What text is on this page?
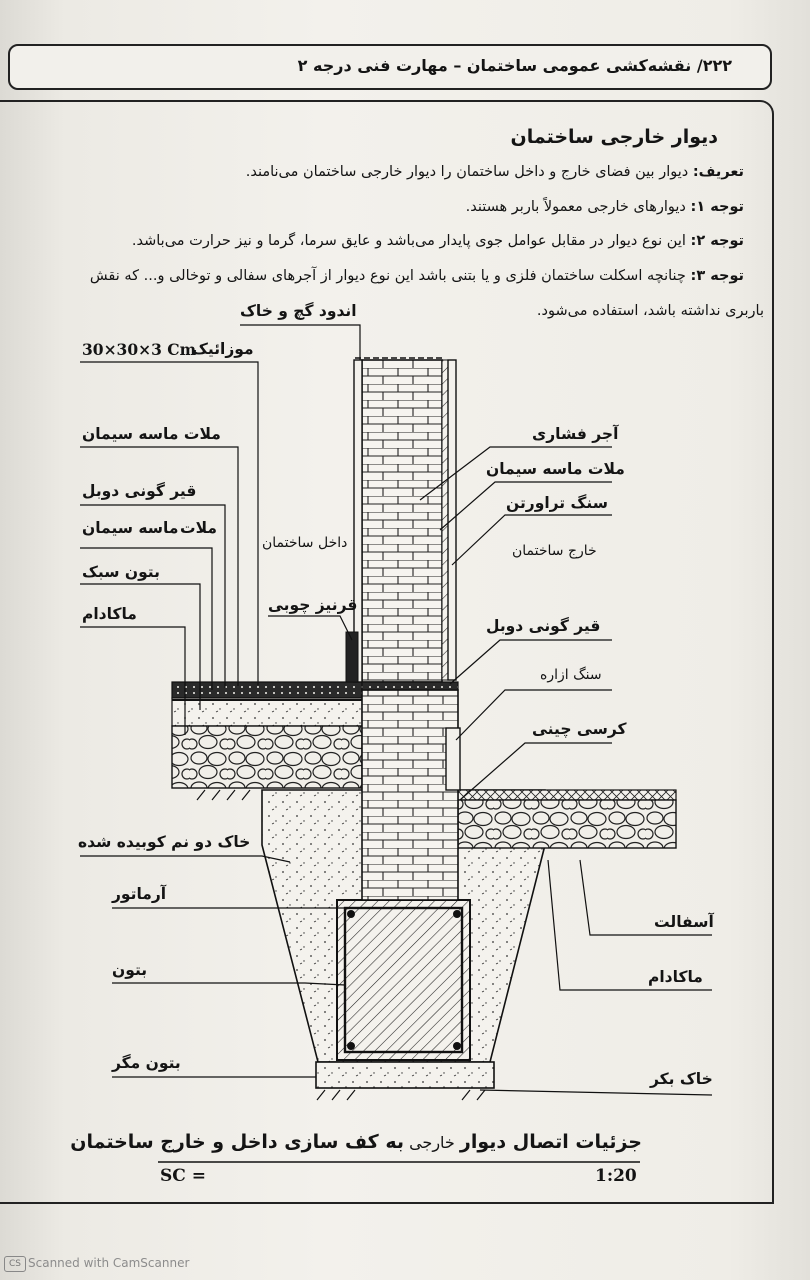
۲۲۲/ نقشه‌کشی عمومی ساختمان – مهارت فنی درجه ۲
دیوار خارجی ساختمان
تعریف: دیوار بین فضای خارج و داخل ساختمان را دیوار خارجی ساختمان می‌نامند.
توجه ۱: دیوارهای خارجی معمولاً باربر هستند.
توجه ۲: این نوع دیوار در مقابل عوامل جوی پایدار می‌باشد و عایق سرما، گرما و نیز حرارت می‌باشد.
توجه ۳: چنانچه اسکلت ساختمان فلزی و یا بتنی باشد این نوع دیوار از آجرهای سفالی و توخالی و... که نقش
باربری نداشته باشد، استفاده می‌شود.
30×30×3 Cm
موزائیک
ملات ماسه سیمان
قیر گونی دوبل
ماسه سیمان ملات
بتون سبک
ماکادام
خاک دو نم کوبیده شده
آرماتور
بتون
بتون مگر
اندود گچ و خاک
داخل ساختمان
قرنیز چوبی
آجر فشاری
ملات ماسه سیمان
سنگ تراورتن
خارج ساختمان
قیر گونی دوبل
سنگ ازاره
کرسی چینی
آسفالت
ماکادام
خاک بکر
جزئیات اتصال دیوار خارجی به کف سازی داخل و خارج ساختمان
SC =	1:20
CS Scanned with CamScanner
